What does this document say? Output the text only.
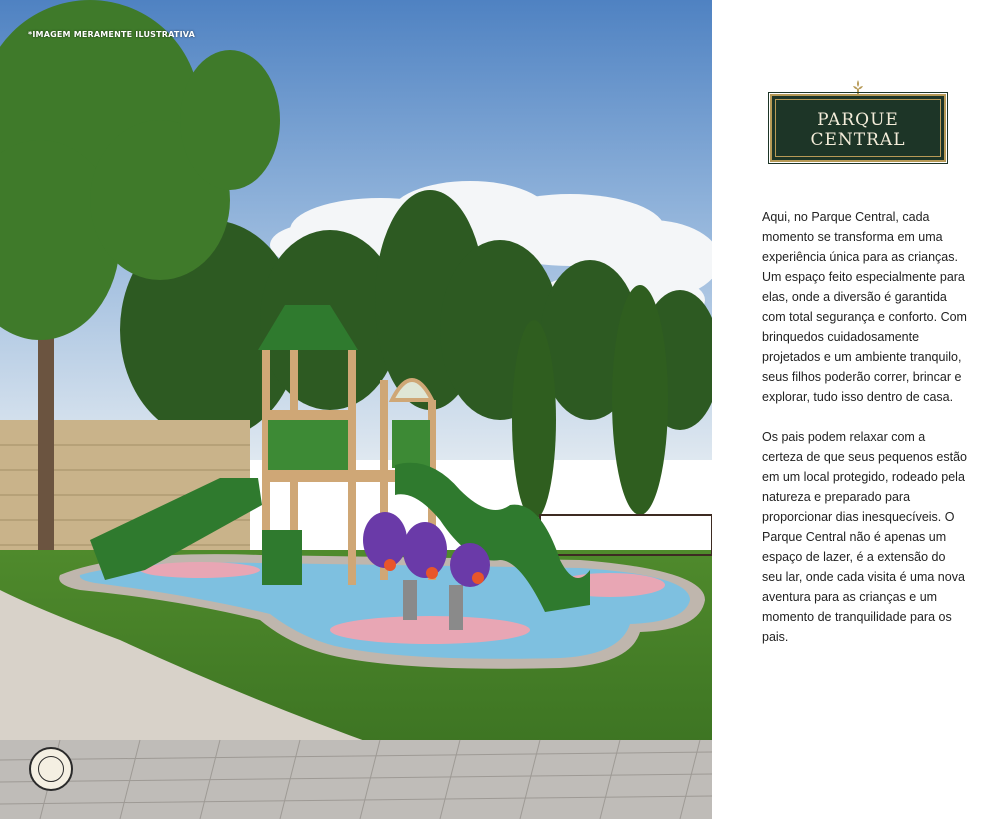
*IMAGEM MERAMENTE ILUSTRATIVA
PARQUE
CENTRAL

Aqui, no Parque Central, cada momento se transforma em uma experiência única para as crianças. Um espaço feito especialmente para elas, onde a diversão é garantida com total segurança e conforto. Com brinquedos cuidadosamente projetados e um ambiente tranquilo, seus filhos poderão correr, brincar e explorar, tudo isso dentro de casa.

Os pais podem relaxar com a certeza de que seus pequenos estão em um local protegido, rodeado pela natureza e preparado para proporcionar dias inesquecíveis. O Parque Central não é apenas um espaço de lazer, é a extensão do seu lar, onde cada visita é uma nova aventura para as crianças e um momento de tranquilidade para os pais.
